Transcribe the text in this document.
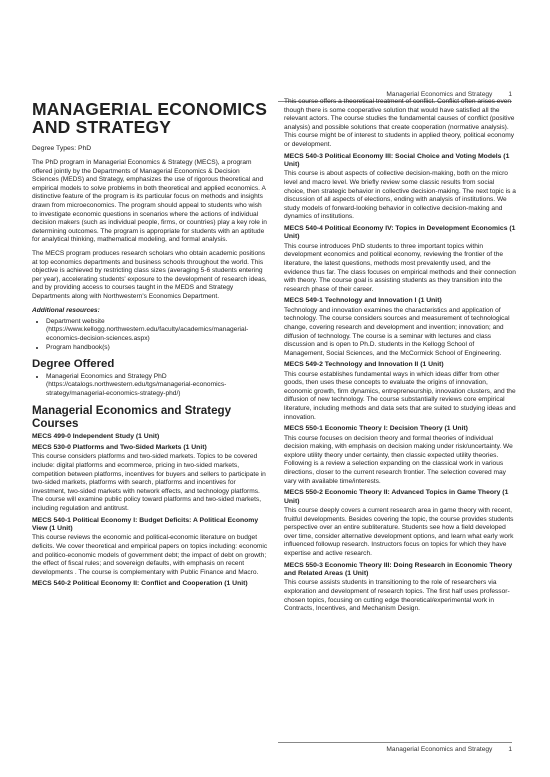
Managerial Economics and Strategy 1
MANAGERIAL ECONOMICS
AND STRATEGY
Degree Types: PhD

The PhD program in Managerial Economics & Strategy (MECS), a program offered jointly by the Departments of Managerial Economics & Decision Sciences (MEDS) and Strategy, emphasizes the use of rigorous theoretical and empirical models to solve problems in both theoretical and applied economics. A distinctive feature of the program is its particular focus on methods and insights drawn from microeconomics. The program should appeal to students who wish to investigate economic questions in scenarios where the actions of individual decision makers (such as individual people, firms, or countries) play a key role in determining outcomes. The program is appropriate for students with an aptitude for analytical thinking, mathematical modeling, and formal analysis.

The MECS program produces research scholars who obtain academic positions at top economics departments and business schools throughout the world. This objective is achieved by restricting class sizes (averaging 5-6 students entering per year), accelerating students' exposure to the development of research ideas, and by providing access to courses taught in the MEDS and Strategy Departments along with Northwestern's Economics Department.

Additional resources:
• Department website (https://www.kellogg.northwestern.edu/faculty/academics/managerial-economics-decision-sciences.aspx)
• Program handbook(s)
Degree Offered
• Managerial Economics and Strategy PhD (https://catalogs.northwestern.edu/tgs/managerial-economics-strategy/managerial-economics-strategy-phd/)
Managerial Economics and Strategy Courses
MECS 499-0 Independent Study (1 Unit)
MECS 530-0 Platforms and Two-Sided Markets (1 Unit)
This course considers platforms and two-sided markets. Topics to be covered include: digital platforms and ecommerce, pricing in two-sided markets, competition between platforms, incentives for buyers and sellers to participate in two-sided markets, platforms with search, platforms and incentives for investment, two-sided markets with network effects, and technology platforms. The course will examine public policy toward platforms and two-sided markets, including regulation and antitrust.
MECS 540-1 Political Economy I: Budget Deficits: A Political Economy View (1 Unit)
This course reviews the economic and political-economic literature on budget deficits. We cover theoretical and empirical papers on topics including: economic and politico-economic models of government debt; the impact of debt on growth; the effect of fiscal rules; and sovereign defaults, with emphasis on recent developments . The course is complementary with Public Finance and Macro.
MECS 540-2 Political Economy II: Conflict and Cooperation (1 Unit)
This course offers a theoretical treatment of conflict. Conflict often arises even though there is some cooperative solution that would have satisfied all the relevant actors. The course studies the fundamental causes of conflict (positive analysis) and possible solutions that create cooperation (normative analysis). This course might be of interest to students in applied theory, political economy or development.
MECS 540-3 Political Economy III: Social Choice and Voting Models (1 Unit)
This course is about aspects of collective decision-making, both on the micro level and macro level. We briefly review some classic results from social choice, then strategic behavior in collective decision-making. The next topic is a discussion of all aspects of elections, ending with analysis of institutions. We study models of forward-looking behavior in collective decision-making and dynamics of institutions.
MECS 540-4 Political Economy IV: Topics in Development Economics (1 Unit)
This course introduces PhD students to three important topics within development economics and political economy, reviewing the frontier of the literature, the latest questions, methods most prevalently used, and the evidence thus far. The class focuses on empirical methods and their connection with theory. The course goal is assisting students as they transition into the research phase of their career.
MECS 549-1 Technology and Innovation I (1 Unit)
Technology and innovation examines the characteristics and application of technology. The course considers sources and measurement of technological change, covering research and development and invention; innovation; and diffusion of technology. The course is a seminar with lectures and class discussion and is open to Ph.D. students in the Kellogg School of Management, Social Sciences, and the McCormick School of Engineering.
MECS 549-2 Technology and Innovation II (1 Unit)
This course establishes fundamental ways in which ideas differ from other goods, then uses these concepts to evaluate the origins of innovation, economic growth, firm dynamics, entrepreneurship, innovation clusters, and the diffusion of new technology. The course substantially reviews core empirical literature, including methods and data sets that are suited to studying ideas and innovation.
MECS 550-1 Economic Theory I: Decision Theory (1 Unit)
This course focuses on decision theory and formal theories of individual decision making, with emphasis on decision making under risk/uncertainty. We explore utility theory under certainty, then classic expected utility theories. Following is a review a selection expanding on the classical work in various directions, closer to the current research frontier. The selection covered may vary with available time/interests.
MECS 550-2 Economic Theory II: Advanced Topics in Game Theory (1 Unit)
This course deeply covers a current research area in game theory with recent, fruitful developments. Besides covering the topic, the course provides students perspective over an entire subliterature. Students see how a field developed over time, consider alternative development options, and learn what early work influenced followup research. Instructors focus on topics for which they have expertise and active research.
MECS 550-3 Economic Theory III: Doing Research in Economic Theory and Related Areas (1 Unit)
This course assists students in transitioning to the role of researchers via exploration and development of research topics. The first half uses professor-chosen topics, focusing on cutting edge theoretical/experimental work in Contracts, Incentives, and Mechanism Design.
Managerial Economics and Strategy 1
